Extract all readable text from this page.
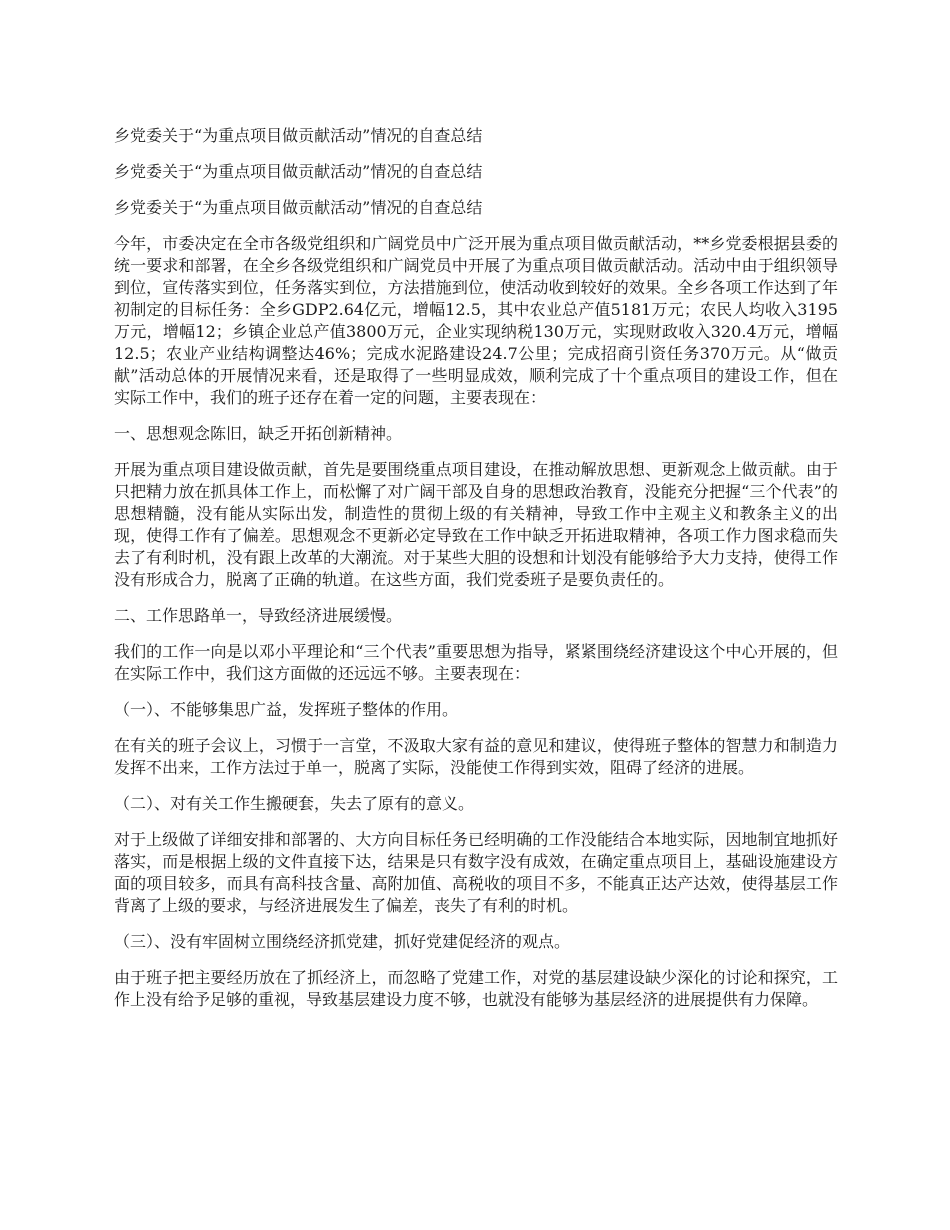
乡党委关于“为重点项目做贡献活动”情况的自查总结
乡党委关于“为重点项目做贡献活动”情况的自查总结
乡党委关于“为重点项目做贡献活动”情况的自查总结

今年，市委决定在全市各级党组织和广阔党员中广泛开展为重点项目做贡献活动，**乡党委根据县委的统一要求和部署，在全乡各级党组织和广阔党员中开展了为重点项目做贡献活动。活动中由于组织领导到位，宣传落实到位，任务落实到位，方法措施到位，使活动收到较好的效果。全乡各项工作达到了年初制定的目标任务：全乡GDP2.64亿元，增幅12.5，其中农业总产值5181万元；农民人均收入3195万元，增幅12；乡镇企业总产值3800万元，企业实现纳税130万元，实现财政收入320.4万元，增幅12.5；农业产业结构调整达46%；完成水泥路建设24.7公里；完成招商引资任务370万元。从“做贡献”活动总体的开展情况来看，还是取得了一些明显成效，顺利完成了十个重点项目的建设工作，但在实际工作中，我们的班子还存在着一定的问题，主要表现在：

一、思想观念陈旧，缺乏开拓创新精神。

开展为重点项目建设做贡献，首先是要围绕重点项目建设，在推动解放思想、更新观念上做贡献。由于只把精力放在抓具体工作上，而松懈了对广阔干部及自身的思想政治教育，没能充分把握“三个代表”的思想精髓，没有能从实际出发，制造性的贯彻上级的有关精神，导致工作中主观主义和教条主义的出现，使得工作有了偏差。思想观念不更新必定导致在工作中缺乏开拓进取精神，各项工作力图求稳而失去了有利时机，没有跟上改革的大潮流。对于某些大胆的设想和计划没有能够给予大力支持，使得工作没有形成合力，脱离了正确的轨道。在这些方面，我们党委班子是要负责任的。

二、工作思路单一，导致经济进展缓慢。

我们的工作一向是以邓小平理论和“三个代表”重要思想为指导，紧紧围绕经济建设这个中心开展的，但在实际工作中，我们这方面做的还远远不够。主要表现在：

（一）、不能够集思广益，发挥班子整体的作用。

在有关的班子会议上，习惯于一言堂，不汲取大家有益的意见和建议，使得班子整体的智慧力和制造力发挥不出来，工作方法过于单一，脱离了实际，没能使工作得到实效，阻碍了经济的进展。

（二）、对有关工作生搬硬套，失去了原有的意义。

对于上级做了详细安排和部署的、大方向目标任务已经明确的工作没能结合本地实际，因地制宜地抓好落实，而是根据上级的文件直接下达，结果是只有数字没有成效，在确定重点项目上，基础设施建设方面的项目较多，而具有高科技含量、高附加值、高税收的项目不多，不能真正达产达效，使得基层工作背离了上级的要求，与经济进展发生了偏差，丧失了有利的时机。

（三）、没有牢固树立围绕经济抓党建，抓好党建促经济的观点。

由于班子把主要经历放在了抓经济上，而忽略了党建工作，对党的基层建设缺少深化的讨论和探究，工作上没有给予足够的重视，导致基层建设力度不够，也就没有能够为基层经济的进展提供有力保障。
